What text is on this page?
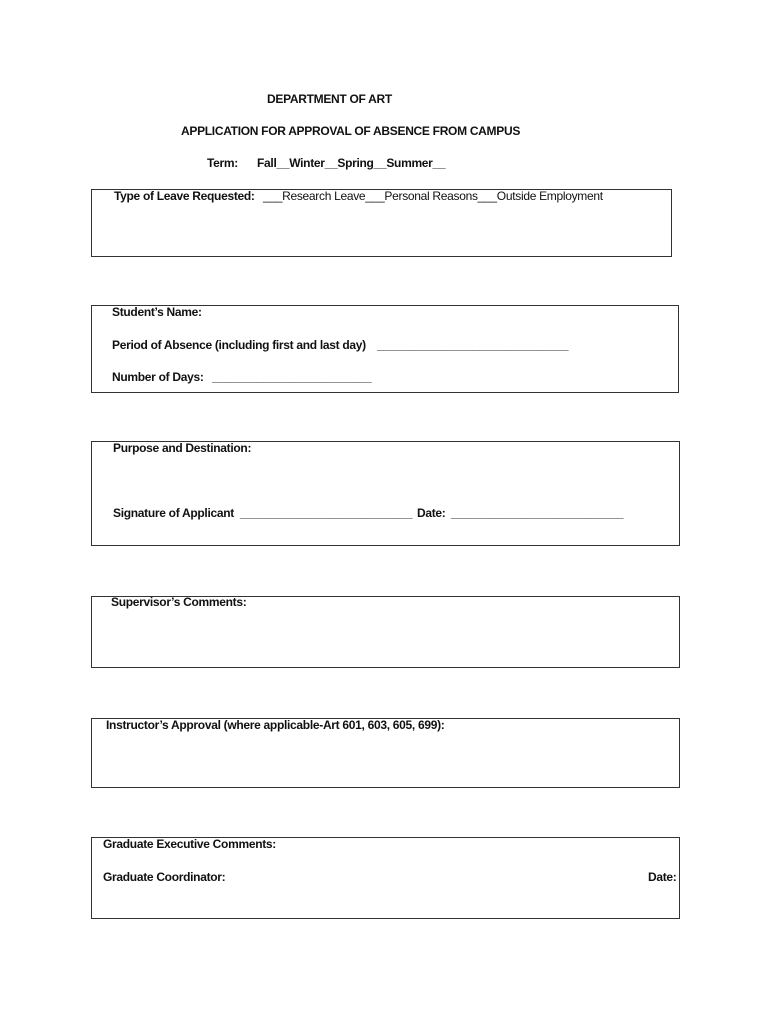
DEPARTMENT OF ART
APPLICATION FOR APPROVAL OF ABSENCE FROM CAMPUS
Term: Fall__Winter__Spring__Summer__
Type of Leave Requested: ___Research Leave___Personal Reasons___Outside Employment
Student’s Name:
Period of Absence (including first and last day) ______________________________
Number of Days: _________________________
Purpose and Destination:
Signature of Applicant ___________________________ Date: ___________________________
Supervisor’s Comments:
Instructor’s Approval (where applicable-Art 601, 603, 605, 699):
Graduate Executive Comments:
Graduate Coordinator:	Date:
